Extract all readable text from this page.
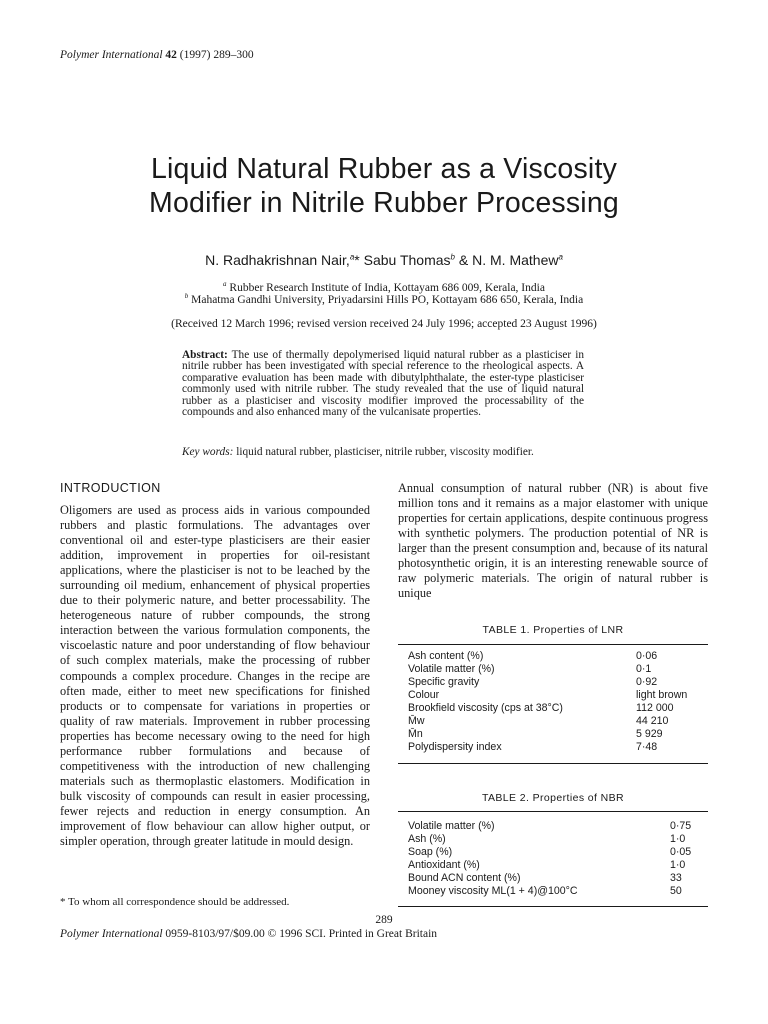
Polymer International 42 (1997) 289–300
Liquid Natural Rubber as a Viscosity
Modifier in Nitrile Rubber Processing
N. Radhakrishnan Nair,$^a$* Sabu Thomas$^b$ & N. M. Mathew$^a$
$^a$ Rubber Research Institute of India, Kottayam 686 009, Kerala, India
$^b$ Mahatma Gandhi University, Priyadarsini Hills PO, Kottayam 686 650, Kerala, India
(Received 12 March 1996; revised version received 24 July 1996; accepted 23 August 1996)
Abstract: The use of thermally depolymerised liquid natural rubber as a plasticiser in nitrile rubber has been investigated with special reference to the rheological aspects. A comparative evaluation has been made with dibutylphthalate, the ester-type plasticiser commonly used with nitrile rubber. The study revealed that the use of liquid natural rubber as a plasticiser and viscosity modifier improved the processability of the compounds and also enhanced many of the vulcanisate properties.
Key words: liquid natural rubber, plasticiser, nitrile rubber, viscosity modifier.
INTRODUCTION
Oligomers are used as process aids in various compounded rubbers and plastic formulations. The advantages over conventional oil and ester-type plasticisers are their easier addition, improvement in properties for oil-resistant applications, where the plasticiser is not to be leached by the surrounding oil medium, enhancement of physical properties due to their polymeric nature, and better processability. The heterogeneous nature of rubber compounds, the strong interaction between the various formulation components, the viscoelastic nature and poor understanding of flow behaviour of such complex materials, make the processing of rubber compounds a complex procedure. Changes in the recipe are often made, either to meet new specifications for finished products or to compensate for variations in properties or quality of raw materials. Improvement in rubber processing properties has become necessary owing to the need for high performance rubber formulations and because of competitiveness with the introduction of new challenging materials such as thermoplastic elastomers. Modification in bulk viscosity of compounds can result in easier processing, fewer rejects and reduction in energy consumption. An improvement of flow behaviour can allow higher output, or simpler operation, through greater latitude in mould design.
Annual consumption of natural rubber (NR) is about five million tons and it remains as a major elastomer with unique properties for certain applications, despite continuous progress with synthetic polymers. The production potential of NR is larger than the present consumption and, because of its natural photosynthetic origin, it is an interesting renewable source of raw polymeric materials. The origin of natural rubber is unique
TABLE 1. Properties of LNR
Ash content (%)	0·06
Volatile matter (%)	0·1
Specific gravity	0·92
Colour	light brown
Brookfield viscosity (cps at 38°C)	112 000
M̄w	44 210
M̄n	5 929
Polydispersity index	7·48
TABLE 2. Properties of NBR
Volatile matter (%)	0·75
Ash (%)	1·0
Soap (%)	0·05
Antioxidant (%)	1·0
Bound ACN content (%)	33
Mooney viscosity ML(1 + 4)@100°C	50
* To whom all correspondence should be addressed.
289
Polymer International 0959-8103/97/$09.00 © 1996 SCI. Printed in Great Britain
